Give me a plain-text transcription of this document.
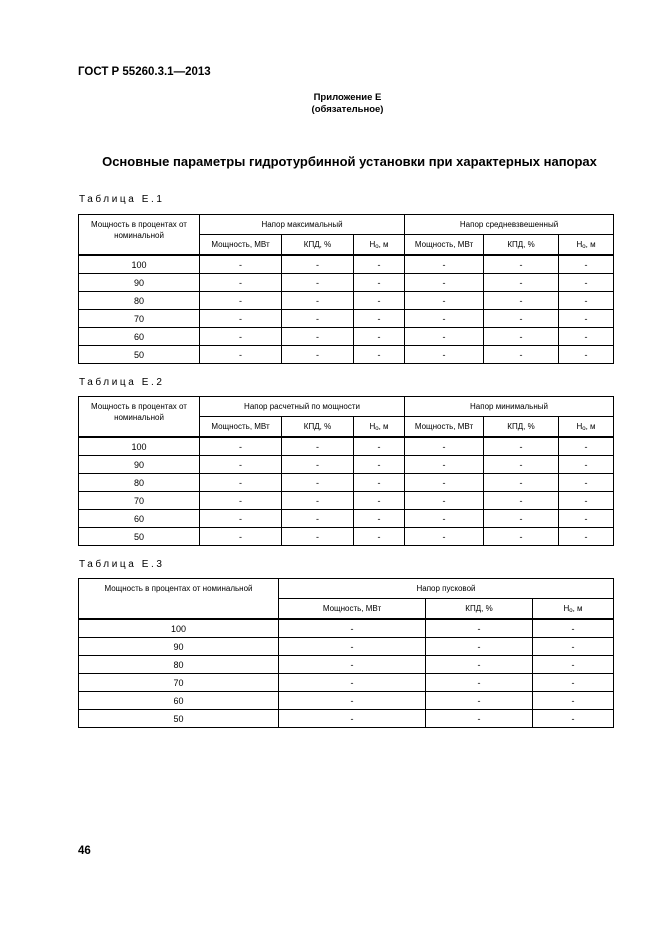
ГОСТ Р 55260.3.1—2013
Приложение Е
(обязательное)
Основные параметры гидротурбинной установки при характерных напорах
Таблица Е.1
Мощность в процентах от номинальной	Напор максимальный			Напор средневзвешенный		
	Мощность, МВт	КПД, %	$Н_о$, м	Мощность, МВт	КПД, %	$Н_о$, м
100	-	-	-	-	-	-
90	-	-	-	-	-	-
80	-	-	-	-	-	-
70	-	-	-	-	-	-
60	-	-	-	-	-	-
50	-	-	-	-	-	-
Таблица Е.2
Мощность в процентах от номинальной	Напор расчетный по мощности			Напор минимальный		
	Мощность, МВт	КПД, %	$Н_о$, м	Мощность, МВт	КПД, %	$Н_о$, м
100	-	-	-	-	-	-
90	-	-	-	-	-	-
80	-	-	-	-	-	-
70	-	-	-	-	-	-
60	-	-	-	-	-	-
50	-	-	-	-	-	-
Таблица Е.3
Мощность в процентах от номинальной	Напор пусковой		
	Мощность, МВт	КПД, %	$Н_о$, м
100	-	-	-
90	-	-	-
80	-	-	-
70	-	-	-
60	-	-	-
50	-	-	-
46
